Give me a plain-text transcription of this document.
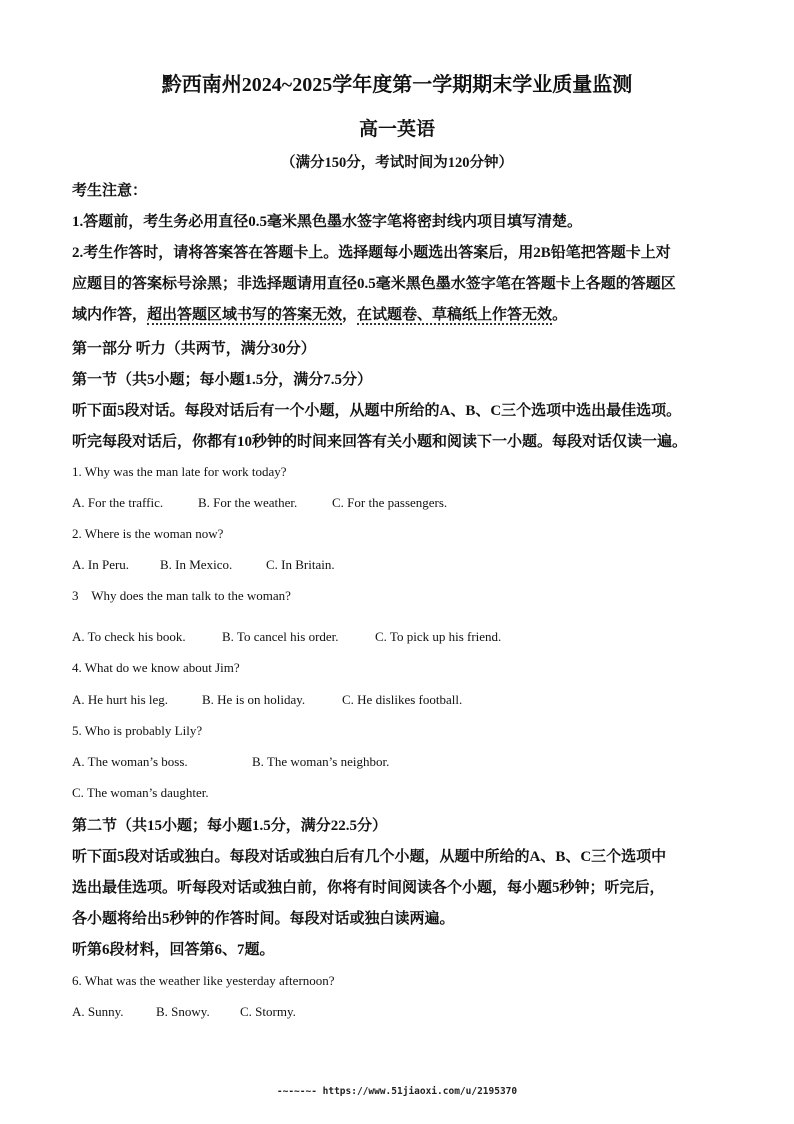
黔西南州2024~2025学年度第一学期期末学业质量监测
高一英语
（满分150分，考试时间为120分钟）
考生注意：
1.答题前，考生务必用直径0.5毫米黑色墨水签字笔将密封线内项目填写清楚。
2.考生作答时，请将答案答在答题卡上。选择题每小题选出答案后，用2B铅笔把答题卡上对
应题目的答案标号涂黑；非选择题请用直径0.5毫米黑色墨水签字笔在答题卡上各题的答题区
域内作答，超出答题区域书写的答案无效，在试题卷、草稿纸上作答无效。
第一部分 听力（共两节，满分30分）
第一节（共5小题；每小题1.5分，满分7.5分）
听下面5段对话。每段对话后有一个小题，从题中所给的A、B、C三个选项中选出最佳选项。
听完每段对话后，你都有10秒钟的时间来回答有关小题和阅读下一小题。每段对话仅读一遍。
1. Why was the man late for work today?
A. For the traffic.	B. For the weather.	C. For the passengers.
2. Where is the woman now?
A. In Peru. B. In Mexico.	C. In Britain.
3    Why does the man talk to the woman?
A. To check his book.	B. To cancel his order.	C. To pick up his friend.
4. What do we know about Jim?
A. He hurt his leg.	B. He is on holiday.	C. He dislikes football.
5. Who is probably Lily?
A. The woman’s boss.	B. The woman’s neighbor.
C. The woman’s daughter.
第二节（共15小题；每小题1.5分，满分22.5分）
听下面5段对话或独白。每段对话或独白后有几个小题，从题中所给的A、B、C三个选项中
选出最佳选项。听每段对话或独白前，你将有时间阅读各个小题，每小题5秒钟；听完后，
各小题将给出5秒钟的作答时间。每段对话或独白读两遍。
听第6段材料，回答第6、7题。
6. What was the weather like yesterday afternoon?
A. Sunny. B. Snowy. C. Stormy.
-~-~-~- https://www.51jiaoxi.com/u/2195370
